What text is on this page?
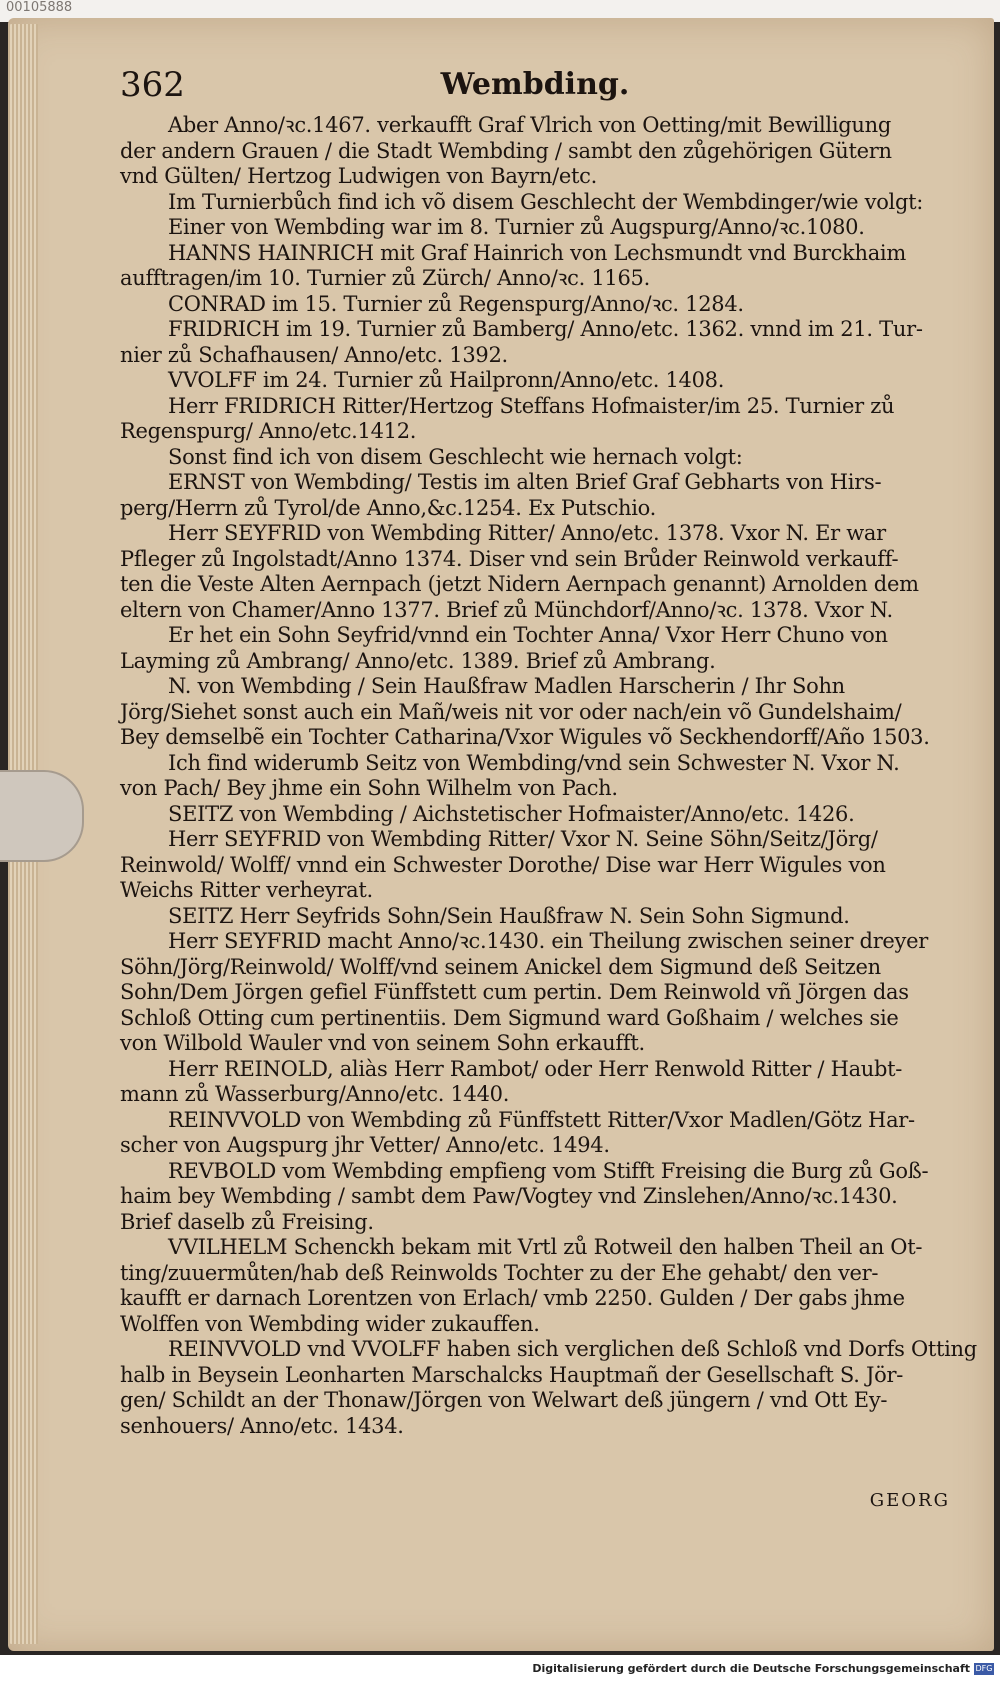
00105888
362	Wembding.
Aber Anno/ꝛc.1467. verkaufft Graf Vlrich von Oetting/mit Bewilligung
der andern Grauen / die Stadt Wembding / sambt den zůgehörigen Gütern
vnd Gülten/ Hertzog Ludwigen von Bayrn/etc.
Im Turnierbůch find ich võ disem Geschlecht der Wembdinger/wie volgt:
Einer von Wembding war im 8. Turnier zů Augspurg/Anno/ꝛc.1080.
HANNS HAINRICH mit Graf Hainrich von Lechsmundt vnd Burckhaim
aufftragen/im 10. Turnier zů Zürch/ Anno/ꝛc. 1165.
CONRAD im 15. Turnier zů Regenspurg/Anno/ꝛc. 1284.
FRIDRICH im 19. Turnier zů Bamberg/ Anno/etc. 1362. vnnd im 21. Tur-
nier zů Schafhausen/ Anno/etc. 1392.
VVOLFF im 24. Turnier zů Hailpronn/Anno/etc. 1408.
Herr FRIDRICH Ritter/Hertzog Steffans Hofmaister/im 25. Turnier zů
Regenspurg/ Anno/etc.1412.
Sonst find ich von disem Geschlecht wie hernach volgt:
ERNST von Wembding/ Testis im alten Brief Graf Gebharts von Hirs-
perg/Herrn zů Tyrol/de Anno,&c.1254. Ex Putschio.
Herr SEYFRID von Wembding Ritter/ Anno/etc. 1378. Vxor N. Er war
Pfleger zů Ingolstadt/Anno 1374. Diser vnd sein Brůder Reinwold verkauff-
ten die Veste Alten Aernpach (jetzt Nidern Aernpach genannt) Arnolden dem
eltern von Chamer/Anno 1377. Brief zů Münchdorf/Anno/ꝛc. 1378. Vxor N.
Er het ein Sohn Seyfrid/vnnd ein Tochter Anna/ Vxor Herr Chuno von
Layming zů Ambrang/ Anno/etc. 1389. Brief zů Ambrang.
N. von Wembding / Sein Haußfraw Madlen Harscherin / Ihr Sohn
Jörg/Siehet sonst auch ein Mañ/weis nit vor oder nach/ein võ Gundelshaim/
Bey demselbẽ ein Tochter Catharina/Vxor Wigules võ Seckhendorff/Año 1503.
Ich find widerumb Seitz von Wembding/vnd sein Schwester N. Vxor N.
von Pach/ Bey jhme ein Sohn Wilhelm von Pach.
SEITZ von Wembding / Aichstetischer Hofmaister/Anno/etc. 1426.
Herr SEYFRID von Wembding Ritter/ Vxor N. Seine Söhn/Seitz/Jörg/
Reinwold/ Wolff/ vnnd ein Schwester Dorothe/ Dise war Herr Wigules von
Weichs Ritter verheyrat.
SEITZ Herr Seyfrids Sohn/Sein Haußfraw N. Sein Sohn Sigmund.
Herr SEYFRID macht Anno/ꝛc.1430. ein Theilung zwischen seiner dreyer
Söhn/Jörg/Reinwold/ Wolff/vnd seinem Anickel dem Sigmund deß Seitzen
Sohn/Dem Jörgen gefiel Fünffstett cum pertin. Dem Reinwold vñ Jörgen das
Schloß Otting cum pertinentiis. Dem Sigmund ward Goßhaim / welches sie
von Wilbold Wauler vnd von seinem Sohn erkaufft.
Herr REINOLD, aliàs Herr Rambot/ oder Herr Renwold Ritter / Haubt-
mann zů Wasserburg/Anno/etc. 1440.
REINVVOLD von Wembding zů Fünffstett Ritter/Vxor Madlen/Götz Har-
scher von Augspurg jhr Vetter/ Anno/etc. 1494.
REVBOLD vom Wembding empfieng vom Stifft Freising die Burg zů Goß-
haim bey Wembding / sambt dem Paw/Vogtey vnd Zinslehen/Anno/ꝛc.1430.
Brief daselb zů Freising.
VVILHELM Schenckh bekam mit Vrtl zů Rotweil den halben Theil an Ot-
ting/zuuermůten/hab deß Reinwolds Tochter zu der Ehe gehabt/ den ver-
kaufft er darnach Lorentzen von Erlach/ vmb 2250. Gulden / Der gabs jhme
Wolffen von Wembding wider zukauffen.
REINVVOLD vnd VVOLFF haben sich verglichen deß Schloß vnd Dorfs Otting
halb in Beysein Leonharten Marschalcks Hauptmañ der Gesellschaft S. Jör-
gen/ Schildt an der Thonaw/Jörgen von Welwart deß jüngern / vnd Ott Ey-
senhouers/ Anno/etc. 1434.
GEORG
Digitalisierung gefördert durch die Deutsche Forschungsgemeinschaft DFG
